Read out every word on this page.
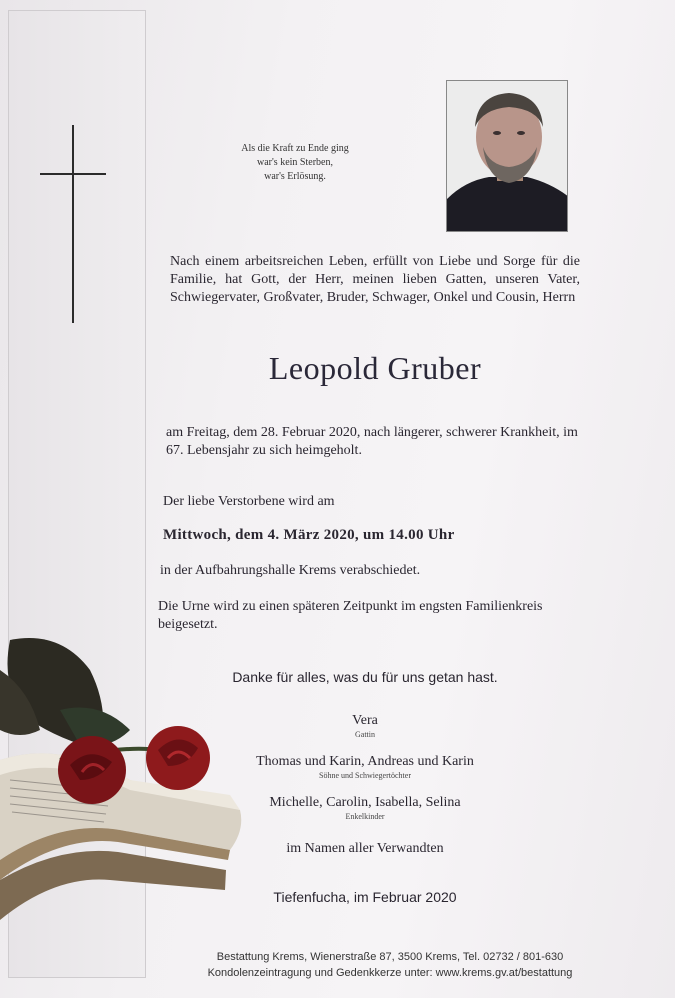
Als die Kraft zu Ende ging
war's kein Sterben,
war's Erlösung.
Nach einem arbeitsreichen Leben, erfüllt von Liebe und Sorge für die Familie, hat Gott, der Herr, meinen lieben Gatten, unseren Vater, Schwiegervater, Großvater, Bruder, Schwager, Onkel und Cousin, Herrn
Leopold Gruber
am Freitag, dem 28. Februar 2020, nach längerer, schwerer Krankheit, im 67. Lebensjahr zu sich heimgeholt.
Der liebe Verstorbene wird am
Mittwoch, dem 4. März 2020, um 14.00 Uhr
in der Aufbahrungshalle Krems verabschiedet.
Die Urne wird zu einen späteren Zeitpunkt im engsten Familienkreis beigesetzt.
Danke für alles, was du für uns getan hast.
Vera
Gattin
Thomas und Karin, Andreas und Karin
Söhne und Schwiegertöchter
Michelle, Carolin, Isabella, Selina
Enkelkinder
im Namen aller Verwandten
Tiefenfucha, im Februar 2020
Bestattung Krems, Wienerstraße 87, 3500 Krems, Tel. 02732 / 801-630
Kondolenzeintragung und Gedenkkerze unter: www.krems.gv.at/bestattung
